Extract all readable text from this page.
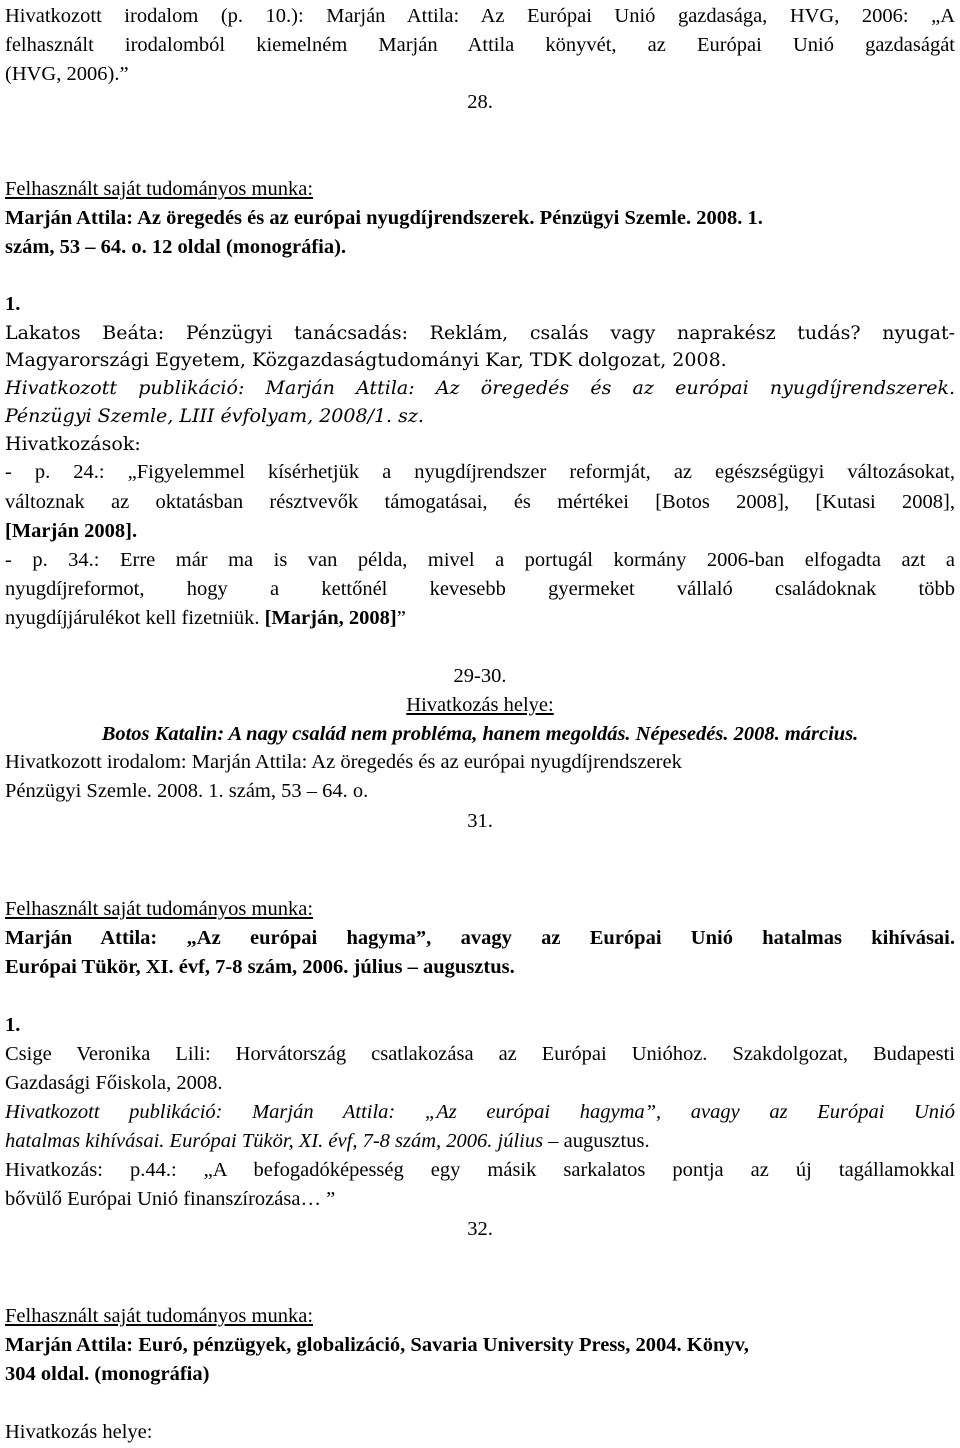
Hivatkozott irodalom (p. 10.): Marján Attila: Az Európai Unió gazdasága, HVG, 2006: „A
felhasznált irodalomból kiemelném Marján Attila könyvét, az Európai Unió gazdaságát
(HVG, 2006).”
28.
Felhasznált saját tudományos munka:
Marján Attila: Az öregedés és az európai nyugdíjrendszerek. Pénzügyi Szemle. 2008. 1.
szám, 53 – 64. o. 12 oldal (monográfia).
1.
Lakatos Beáta: Pénzügyi tanácsadás: Reklám, csalás vagy naprakész tudás? nyugat-
Magyarországi Egyetem, Közgazdaságtudományi Kar, TDK dolgozat, 2008.
Hivatkozott publikáció: Marján Attila: Az öregedés és az európai nyugdíjrendszerek.
Pénzügyi Szemle, LIII évfolyam, 2008/1. sz.
Hivatkozások:
- p. 24.: „Figyelemmel kísérhetjük a nyugdíjrendszer reformját, az egészségügyi változásokat,
változnak az oktatásban résztvevők támogatásai, és mértékei [Botos 2008], [Kutasi 2008],
[Marján 2008].
- p. 34.: Erre már ma is van példa, mivel a portugál kormány 2006-ban elfogadta azt a
nyugdíjreformot, hogy a kettőnél kevesebb gyermeket vállaló családoknak több
nyugdíjjárulékot kell fizetniük. [Marján, 2008]”
29-30.
Hivatkozás helye:
Botos Katalin: A nagy család nem probléma, hanem megoldás. Népesedés. 2008. március.
Hivatkozott irodalom: Marján Attila: Az öregedés és az európai nyugdíjrendszerek
Pénzügyi Szemle. 2008. 1. szám, 53 – 64. o.
31.
Felhasznált saját tudományos munka:
Marján Attila: „Az európai hagyma”, avagy az Európai Unió hatalmas kihívásai.
Európai Tükör, XI. évf, 7-8 szám, 2006. július – augusztus.
1.
Csige Veronika Lili: Horvátország csatlakozása az Európai Unióhoz. Szakdolgozat, Budapesti
Gazdasági Főiskola, 2008.
Hivatkozott publikáció: Marján Attila: „Az európai hagyma”, avagy az Európai Unió
hatalmas kihívásai. Európai Tükör, XI. évf, 7-8 szám, 2006. július – augusztus.
Hivatkozás: p.44.: „A befogadóképesség egy másik sarkalatos pontja az új tagállamokkal
bővülő Európai Unió finanszírozása… ”
32.
Felhasznált saját tudományos munka:
Marján Attila: Euró, pénzügyek, globalizáció, Savaria University Press, 2004. Könyv,
304 oldal. (monográfia)
Hivatkozás helye:
